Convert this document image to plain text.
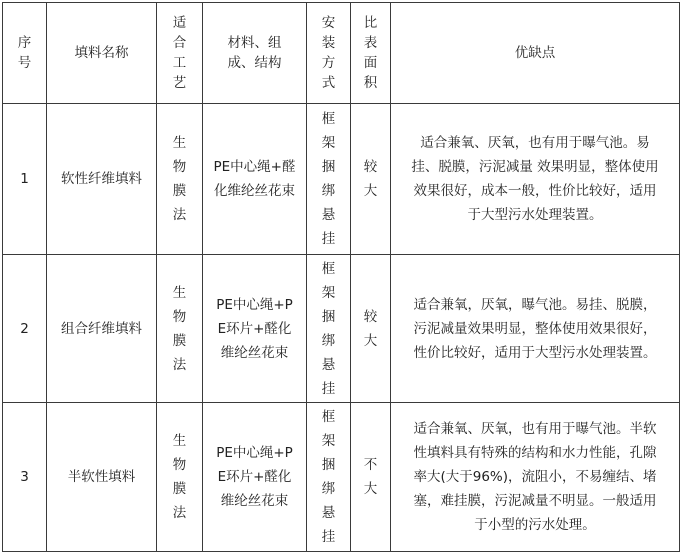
序号	填料名称	适合工艺	材料、组成、结构	安装方式	比表面积	优缺点
1	软性纤维填料	生物膜法	PE中心绳+醛化维纶丝花束	框架捆绑悬挂	较大	适合兼氧、厌氧，也有用于曝气池。易挂、脱膜，污泥减量 效果明显，整体使用效果很好，成本一般，性价比较好，适用于大型污水处理装置。
2	组合纤维填料	生物膜法	PE中心绳+PE环片+醛化维纶丝花束	框架捆绑悬挂	较大	适合兼氧，厌氧，曝气池。易挂、脱膜，污泥减量效果明显，整体使用效果很好，性价比较好，适用于大型污水处理装置。
3	半软性填料	生物膜法	PE中心绳+PE环片+醛化维纶丝花束	框架捆绑悬挂	不大	适合兼氧、厌氧，也有用于曝气池。半软性填料具有特殊的结构和水力性能，孔隙率大(大于96%)，流阻小，不易缠结、堵塞，难挂膜，污泥减量不明显。一般适用于小型的污水处理。
